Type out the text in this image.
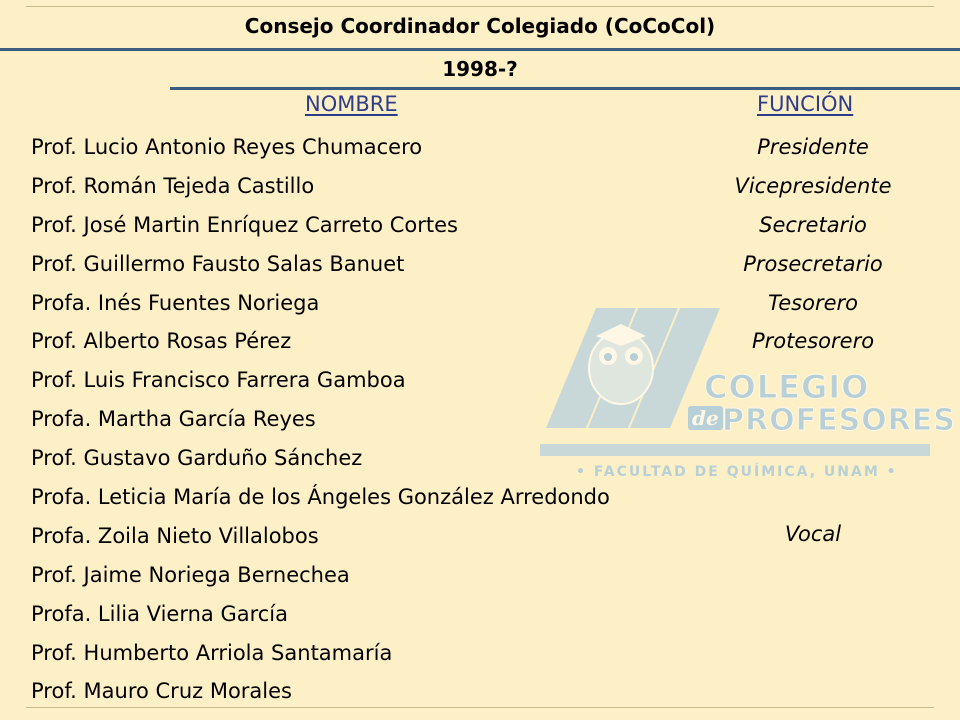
Consejo Coordinador Colegiado (CoCoCol)
1998-?
COLEGIO
de PROFESORES
• FACULTAD DE QUÍMICA, UNAM •
NOMBRE	FUNCIÓN
Prof. Lucio Antonio Reyes Chumacero
Prof. Román Tejeda Castillo
Prof. José Martin Enríquez Carreto Cortes
Prof. Guillermo Fausto Salas Banuet
Profa. Inés Fuentes Noriega
Prof. Alberto Rosas Pérez
Prof. Luis Francisco Farrera Gamboa
Profa. Martha García Reyes
Prof. Gustavo Garduño Sánchez
Profa. Leticia María de los Ángeles González Arredondo
Profa. Zoila Nieto Villalobos
Prof. Jaime Noriega Bernechea
Profa. Lilia Vierna García
Prof. Humberto Arriola Santamaría
Prof. Mauro Cruz Morales
Presidente
Vicepresidente
Secretario
Prosecretario
Tesorero
Protesorero
Vocal
